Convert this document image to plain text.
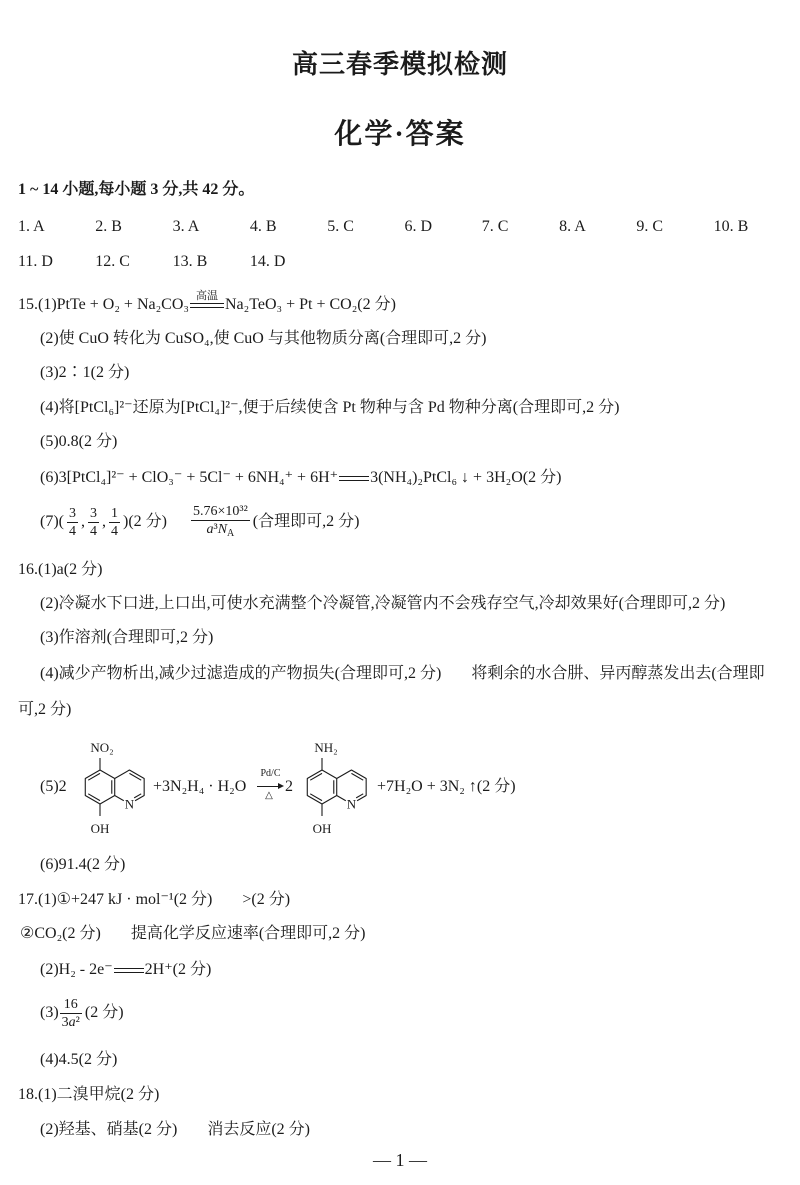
高三春季模拟检测
化学·答案
1 ~ 14 小题,每小题 3 分,共 42 分。
1. A	2. B	3. A	4. B	5. C	6. D	7. C	8. A	9. C	10. B
11. D	12. C	13. B	14. D
15.(1)PtTe + O₂ + Na₂CO₃
高温
Na₂TeO₃ + Pt + CO₂(2 分)
(2)使 CuO 转化为 CuSO₄,使 CuO 与其他物质分离(合理即可,2 分)
(3)2∶1(2 分)
(4)将[PtCl₆]²⁻还原为[PtCl₄]²⁻,便于后续使含 Pt 物种与含 Pd 物种分离(合理即可,2 分)
(5)0.8(2 分)
(6)3[PtCl₄]²⁻ + ClO₃⁻ + 5Cl⁻ + 6NH₄⁺ + 6H⁺ 3(NH₄)₂PtCl₆ ↓ + 3H₂O(2 分)
$(7)( \frac{3}{4}$ , $\frac{3}{4}$ , $\frac{1}{4} )(2$ 分) $\frac{\text{5.76×10³²}}{a^3N_A}$ (合理即可,2 分)
16.(1)a(2 分)
(2)冷凝水下口进,上口出,可使水充满整个冷凝管,冷凝管内不会残存空气,冷却效果好(合理即可,2 分)
(3)作溶剂(合理即可,2 分)
(4)减少产物析出,减少过滤造成的产物损失(合理即可,2 分) 将剩余的水合肼、异丙醇蒸发出去(合理即
可,2 分)
N
NO₂
OH
N
NH₂
OH
(5)2	+3N₂H₄ · H₂O
Pd/C
△
2	+7H₂O + 3N₂ ↑(2 分)
(6)91.4(2 分)
17.(1)①+247 kJ · mol⁻¹(2 分) >(2 分)
②CO₂(2 分) 提高化学反应速率(合理即可,2 分)
(2)H₂ - 2e⁻ 2H⁺(2 分)
$(3) \frac{16}{\text{3a²}} (2$ 分)
(4)4.5(2 分)
18.(1)二溴甲烷(2 分)
(2)羟基、硝基(2 分) 消去反应(2 分)
— 1 —
